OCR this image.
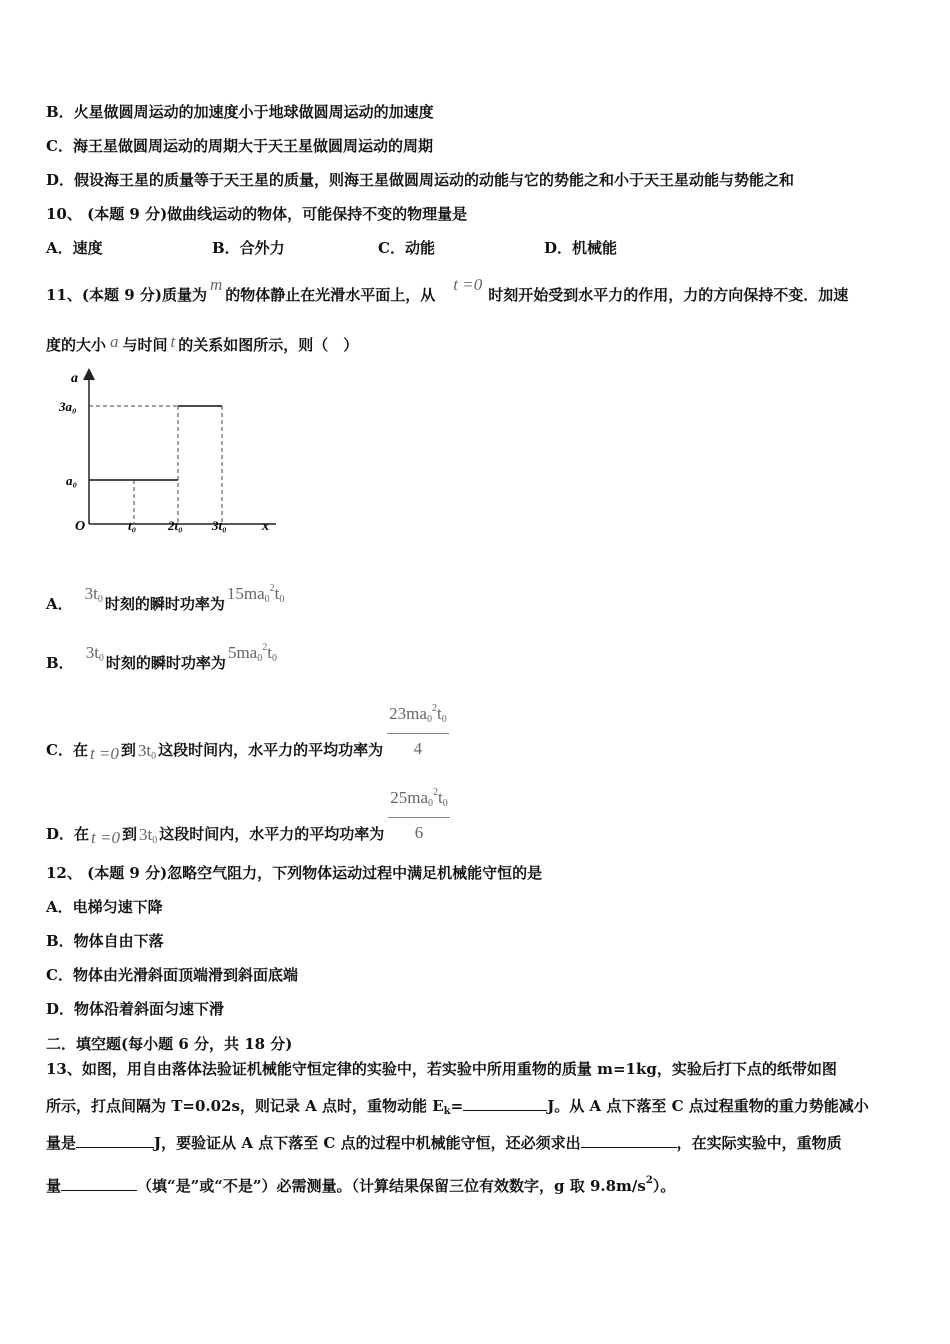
B．火星做圆周运动的加速度小于地球做圆周运动的加速度
C．海王星做圆周运动的周期大于天王星做圆周运动的周期
D．假设海王星的质量等于天王星的质量，则海王星做圆周运动的动能与它的势能之和小于天王星动能与势能之和
10、 (本题 9 分)做曲线运动的物体，可能保持不变的物理量是
A．速度	B．合外力	C．动能	D．机械能
11、(本题 9 分)质量为m的物体静止在光滑水平面上，从t =0时刻开始受到水平力的作用，力的方向保持不变．加速
度的大小 a 与时间 t 的关系如图所示，则（　）
a
x
O
3a₀
a₀
t₀ 2t₀ 3t₀
A．$3t_0$ 时刻的瞬时功率为$15ma_0^2t_0$
B．$3t_0$ 时刻的瞬时功率为$5ma_0^2t_0$
C．在 t =0 到 $3t_0$ 这段时间内，水平力的平均功率为 $\frac{23ma_0^2t_0}{4}$
D．在 t =0 到 $3t_0$ 这段时间内，水平力的平均功率为 $\frac{25ma_0^2t_0}{6}$
12、 (本题 9 分)忽略空气阻力，下列物体运动过程中满足机械能守恒的是
A．电梯匀速下降
B．物体自由下落
C．物体由光滑斜面顶端滑到斜面底端
D．物体沿着斜面匀速下滑
二．填空题(每小题 6 分，共 18 分)
13、如图，用自由落体法验证机械能守恒定律的实验中，若实验中所用重物的质量 m=1kg，实验后打下点的纸带如图
所示，打点间隔为 T=0.02s，则记录 A 点时，重物动能 $E_k=$	J。从 A 点下落至 C 点过程重物的重力势能减小
量是	J，要验证从 A 点下落至 C 点的过程中机械能守恒，还必须求出	，在实际实验中，重物质
量	（填“是”或“不是”）必需测量。（计算结果保留三位有效数字，g 取 $9.8m/s^2$）。
